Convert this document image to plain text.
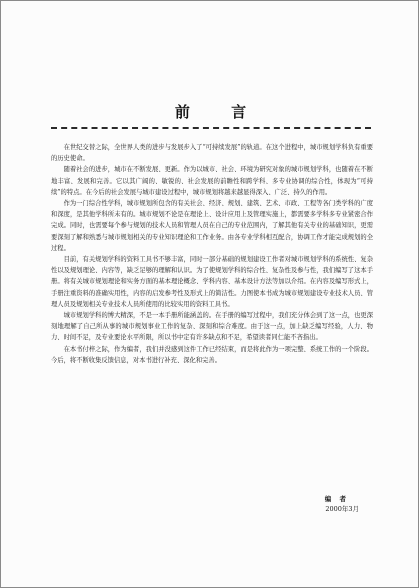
前 言

在世纪交替之际，全世界人类的进步与发展步入了“可持续发展”的轨道。在这个进程中，城市规划学科负有重要的历史使命。

随着社会的进步，城市在不断发展、更新。作为以城市、社会、环境为研究对象的城市规划学科，也随着在不断地丰富、发展和完善。它以其广阔的、敏锐的、社会发展的前瞻性和跨学科、多专业协调的综合性，体现为“可持续”的特点。在今后的社会发展与城市建设过程中，城市规划将越来越显得深入、广泛、持久的作用。

作为一门综合性学科，城市规划所包含的有关社会、经济、规划、建筑、艺术、市政、工程等各门类学科的广度和深度，是其他学科所未有的。城市规划不论是在理论上、设计应用上及管理实施上，都需要多学科多专业紧密合作完成。同时，也需要每个参与规划的技术人员和管理人员在自己的专业范围内，了解其他有关专业的基础知识，更需要深刻了解和熟悉与城市规划相关的专业知识理论和工作业务。由各专业学科相互配合，协调工作才能完成规划的全过程。

目前，有关规划学科的资料工具书不够丰富，同时一部分基础的规划建设工作者对城市规划学科的系统性、复杂性以及规划理论、内容等，缺乏足够的理解和认识。为了使规划学科的综合性、复杂性及参与性，我们编写了这本手册。将有关城市规划理论和实务方面的基本理论概念、学科内容、基本设计方法等加以介绍。在内容及编写形式上，手册注重资料的准确实用性，内容的启发参考性及形式上的简洁性。力图使本书成为城市规划建设专业技术人员、管理人员及规划相关专业技术人员所使用的比较实用的资料工具书。

城市规划学科的博大精深，不是一本手册所能涵盖的。在手册的编写过程中，我们充分体会到了这一点，也更深刻地理解了自己所从事的城市规划事业工作的复杂、深刻和综合难度。由于这一点，加上缺乏编写经验，人力、物力、时间不足，及专业要论水平所限，所以书中定有许多缺点和不足，希望读者同仁能不吝指出。

在本书付梓之际，作为编者，我们并没感到这件工作已经结束，而是将此作为一项完整、系统工作的一个阶段。今后，将不断收集反馈信息，对本书进行补充、深化和完善。

编 者
2000年3月
